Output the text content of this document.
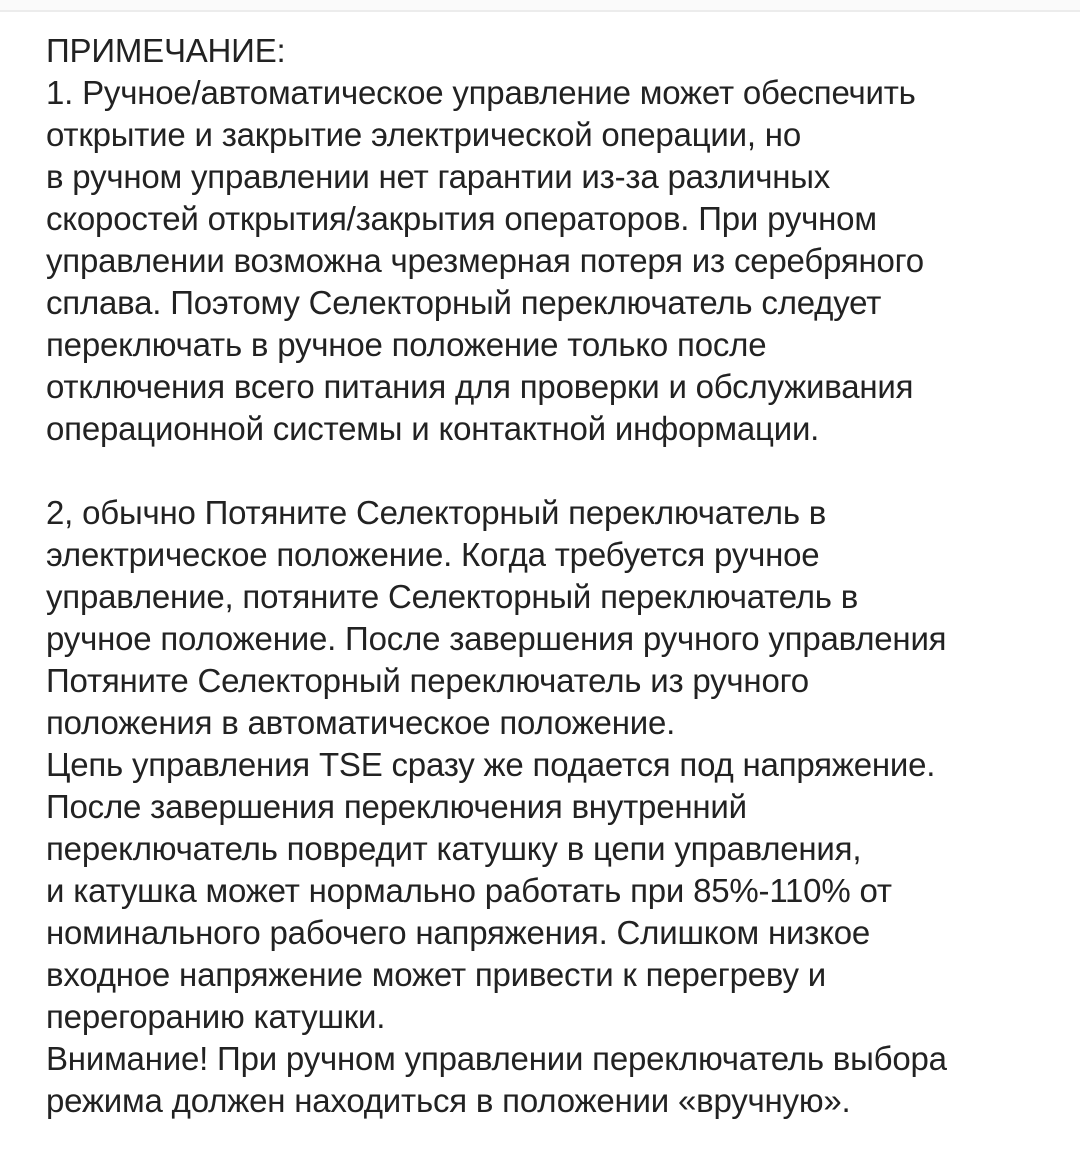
ПРИМЕЧАНИЕ:
1. Ручное/автоматическое управление может обеспечить
открытие и закрытие электрической операции, но
в ручном управлении нет гарантии из-за различных
скоростей открытия/закрытия операторов. При ручном
управлении возможна чрезмерная потеря из серебряного
сплава. Поэтому Селекторный переключатель следует
переключать в ручное положение только после
отключения всего питания для проверки и обслуживания
операционной системы и контактной информации.
2, обычно Потяните Селекторный переключатель в
электрическое положение. Когда требуется ручное
управление, потяните Селекторный переключатель в
ручное положение. После завершения ручного управления
Потяните Селекторный переключатель из ручного
положения в автоматическое положение.
Цепь управления TSE сразу же подается под напряжение.
После завершения переключения внутренний
переключатель повредит катушку в цепи управления,
и катушка может нормально работать при 85%-110% от
номинального рабочего напряжения. Слишком низкое
входное напряжение может привести к перегреву и
перегоранию катушки.
Внимание! При ручном управлении переключатель выбора
режима должен находиться в положении «вручную».
